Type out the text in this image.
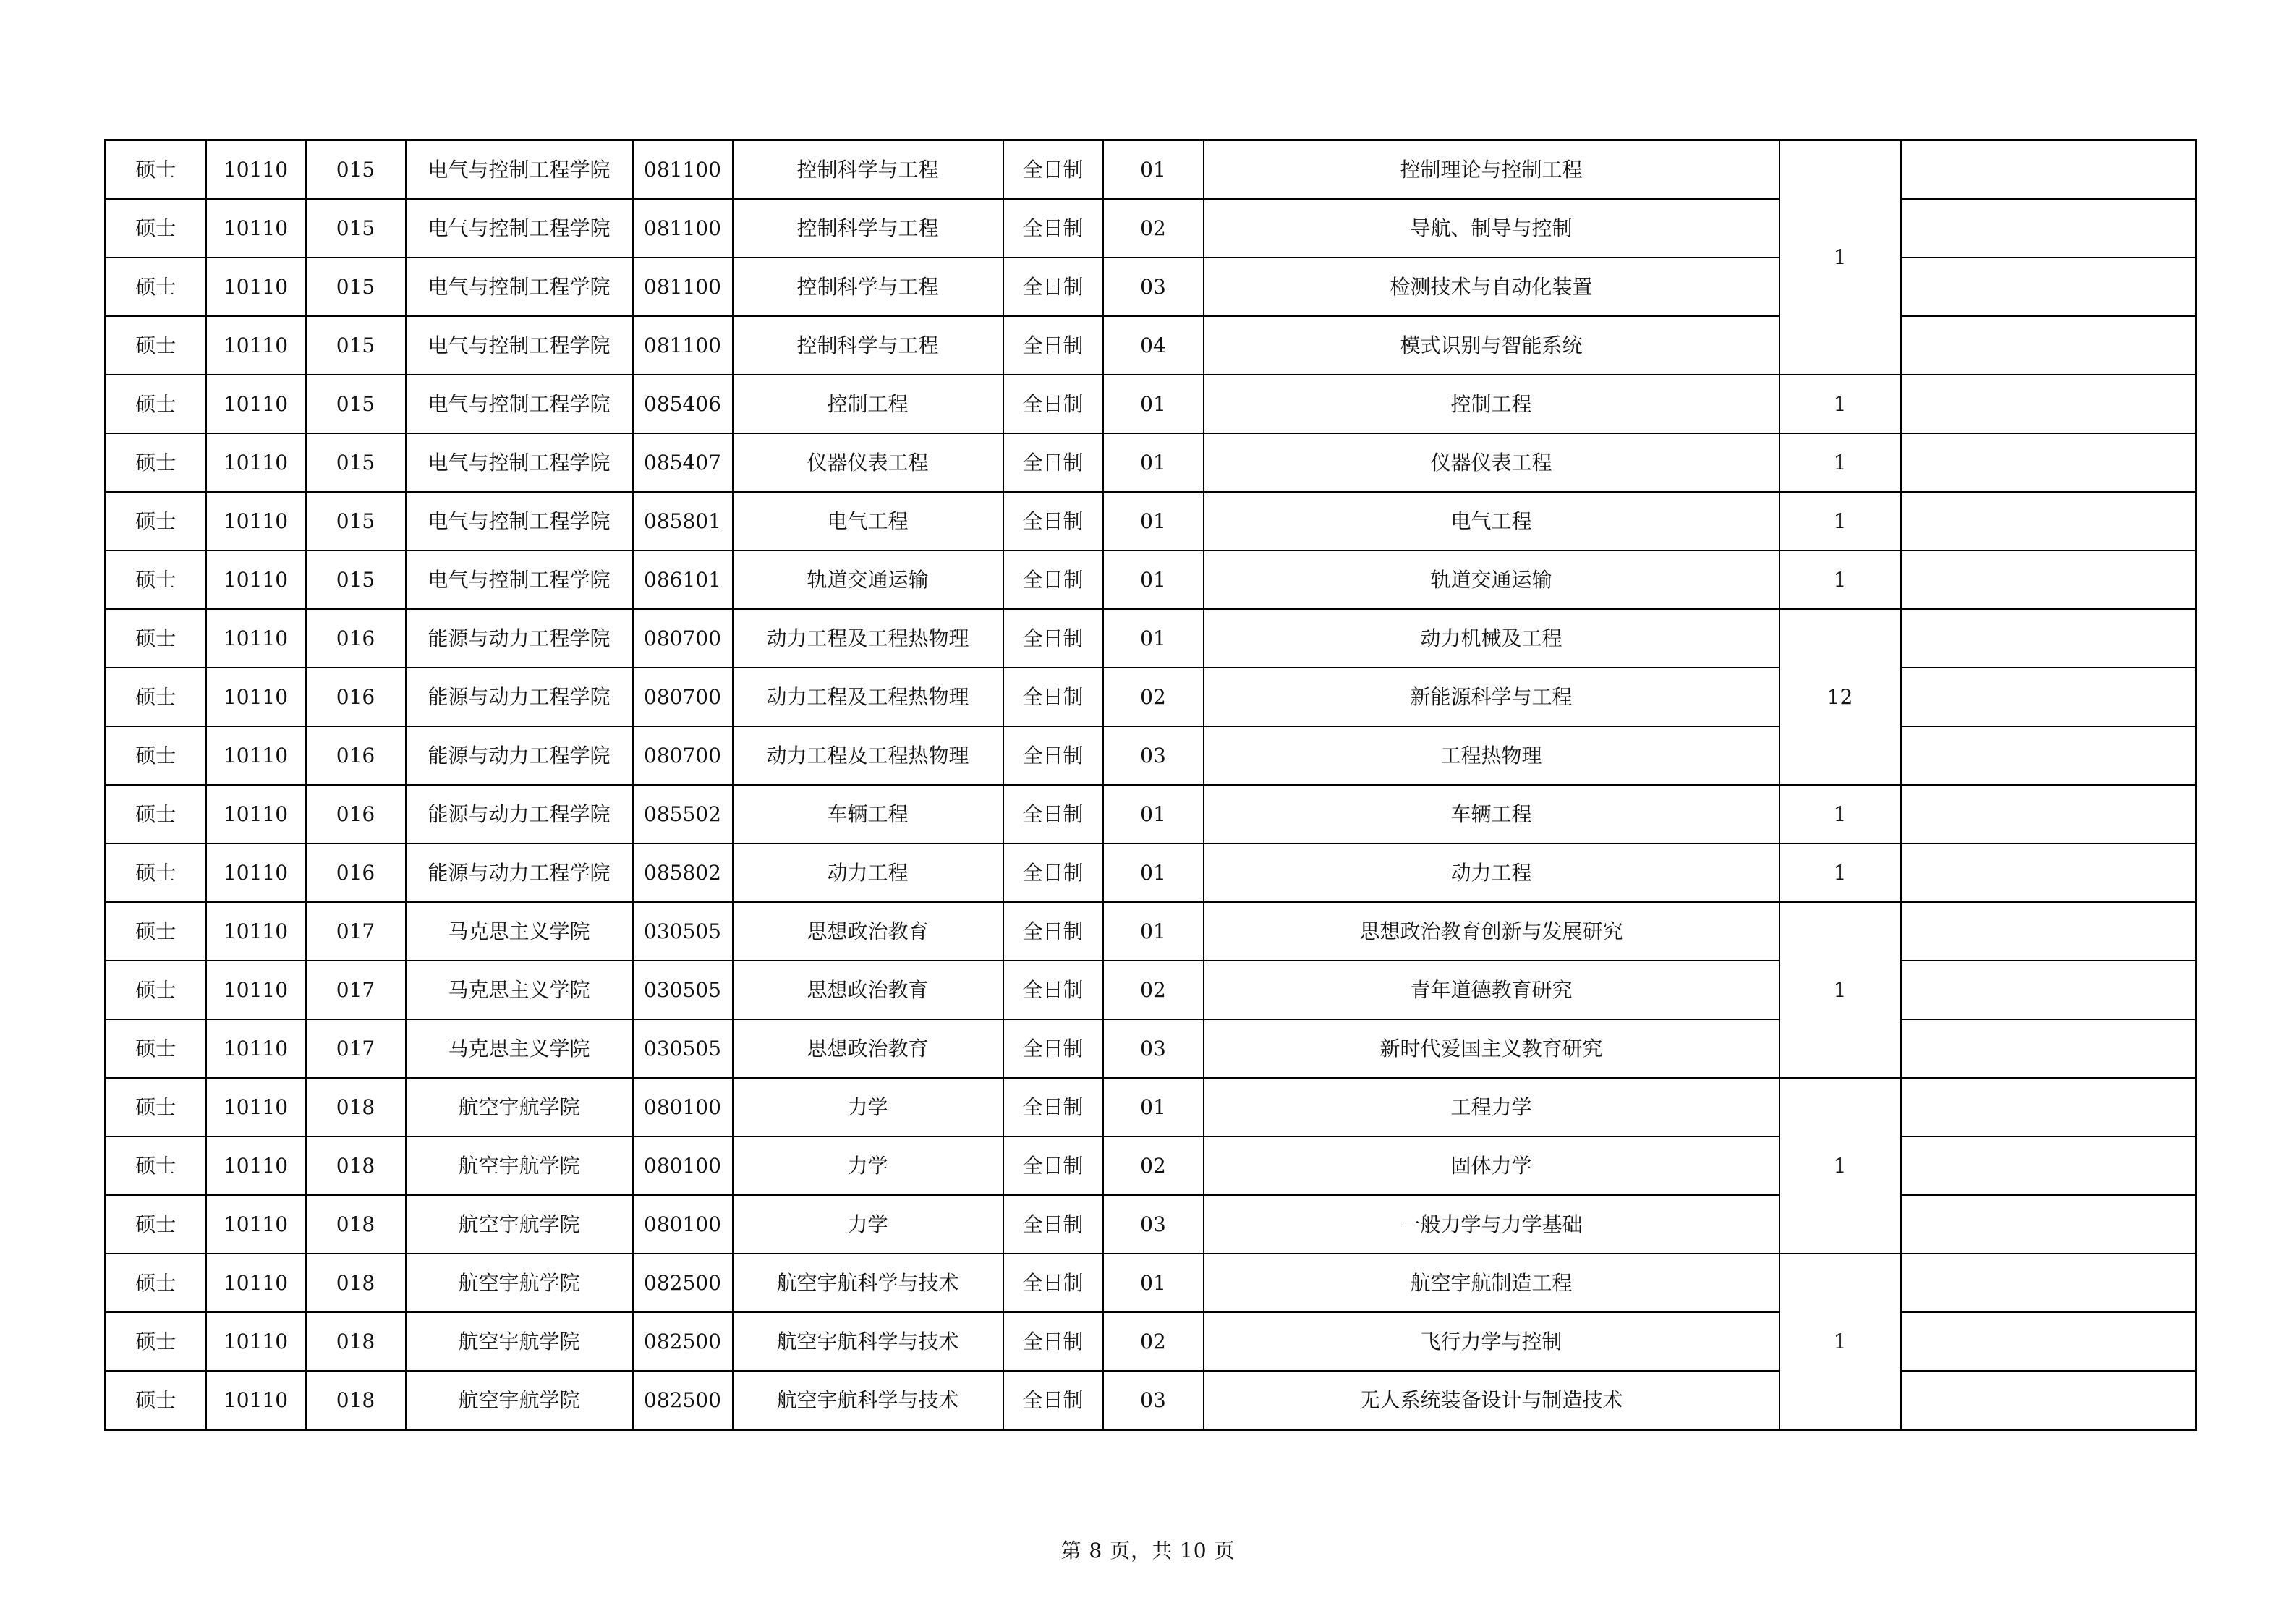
硕士	10110	015	电气与控制工程学院	081100	控制科学与工程	全日制	01	控制理论与控制工程	1	
硕士	10110	015	电气与控制工程学院	081100	控制科学与工程	全日制	02	导航、制导与控制		
硕士	10110	015	电气与控制工程学院	081100	控制科学与工程	全日制	03	检测技术与自动化装置		
硕士	10110	015	电气与控制工程学院	081100	控制科学与工程	全日制	04	模式识别与智能系统		
硕士	10110	015	电气与控制工程学院	085406	控制工程	全日制	01	控制工程	1	
硕士	10110	015	电气与控制工程学院	085407	仪器仪表工程	全日制	01	仪器仪表工程	1	
硕士	10110	015	电气与控制工程学院	085801	电气工程	全日制	01	电气工程	1	
硕士	10110	015	电气与控制工程学院	086101	轨道交通运输	全日制	01	轨道交通运输	1	
硕士	10110	016	能源与动力工程学院	080700	动力工程及工程热物理	全日制	01	动力机械及工程	12	
硕士	10110	016	能源与动力工程学院	080700	动力工程及工程热物理	全日制	02	新能源科学与工程		
硕士	10110	016	能源与动力工程学院	080700	动力工程及工程热物理	全日制	03	工程热物理		
硕士	10110	016	能源与动力工程学院	085502	车辆工程	全日制	01	车辆工程	1	
硕士	10110	016	能源与动力工程学院	085802	动力工程	全日制	01	动力工程	1	
硕士	10110	017	马克思主义学院	030505	思想政治教育	全日制	01	思想政治教育创新与发展研究	1	
硕士	10110	017	马克思主义学院	030505	思想政治教育	全日制	02	青年道德教育研究		
硕士	10110	017	马克思主义学院	030505	思想政治教育	全日制	03	新时代爱国主义教育研究		
硕士	10110	018	航空宇航学院	080100	力学	全日制	01	工程力学	1	
硕士	10110	018	航空宇航学院	080100	力学	全日制	02	固体力学		
硕士	10110	018	航空宇航学院	080100	力学	全日制	03	一般力学与力学基础		
硕士	10110	018	航空宇航学院	082500	航空宇航科学与技术	全日制	01	航空宇航制造工程	1	
硕士	10110	018	航空宇航学院	082500	航空宇航科学与技术	全日制	02	飞行力学与控制		
硕士	10110	018	航空宇航学院	082500	航空宇航科学与技术	全日制	03	无人系统装备设计与制造技术		
第 8 页，共 10 页
